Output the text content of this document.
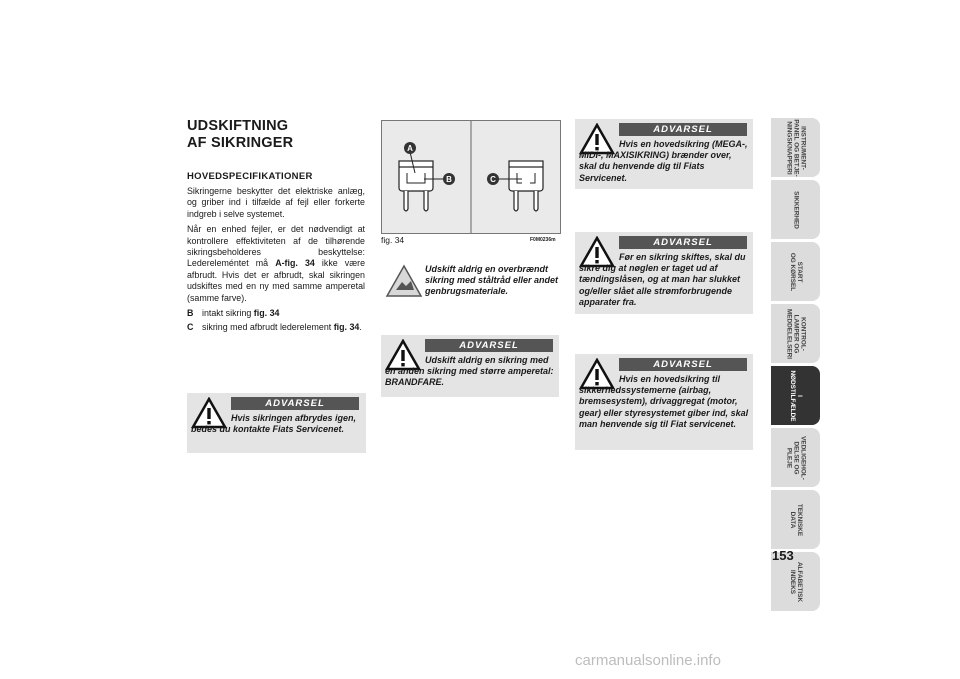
UDSKIFTNING
AF SIKRINGER
HOVEDSPECIFIKATIONER

Sikringerne beskytter det elektriske anlæg, og griber ind i tilfælde af fejl eller forkerte indgreb i selve systemet.

Når en enhed fejler, er det nødvendigt at kontrollere effektiviteten af de tilhørende sikringsbeholderes beskyttelse: Ledereleméntet må A-fig. 34 ikke være afbrudt. Hvis det er afbrudt, skal sikringen udskiftes med en ny med samme amperetal (samme farve).

B intakt sikring fig. 34
C sikring med afbrudt lederelement fig. 34.
ADVARSEL
Hvis sikringen afbrydes igen, bedes du kontakte Fiats Servicenet.
A
B	C
fig. 34	F0M0236m
Udskift aldrig en overbrændt sikring med ståltråd eller andet genbrugsmateriale.
ADVARSEL
Udskift aldrig en sikring med en anden sikring med større amperetal: BRANDFARE.
ADVARSEL
Hvis en hovedsikring (MEGA-, MIDI-, MAXISIKRING) brænder over, skal du henvende dig til Fiats Servicenet.
ADVARSEL
Før en sikring skiftes, skal du sikre dig at nøglen er taget ud af tændingslåsen, og at man har slukket og/eller slået alle strømforbrugende apparater fra.
ADVARSEL
Hvis en hovedsikring til sikkerhedssystemerne (airbag, bremsesystem), drivaggregat (motor, gear) eller styresystemet giber ind, skal man henvende sig til Fiat servicenet.
INSTRUMENT-
PANEL OG BETJE-
NINGSKNAPPERI
SIKKERHED
START
OG KØRSEL
KONTROL-
LAMPER OG
MEDDELELSERI
I
NØDSTILFÆLDE
VEDLIGEHOL-
DELSE OG
PLEJE
TEKNISKE
DATA
ALFABETISK
INDEKS
153
carmanualsonline.info
